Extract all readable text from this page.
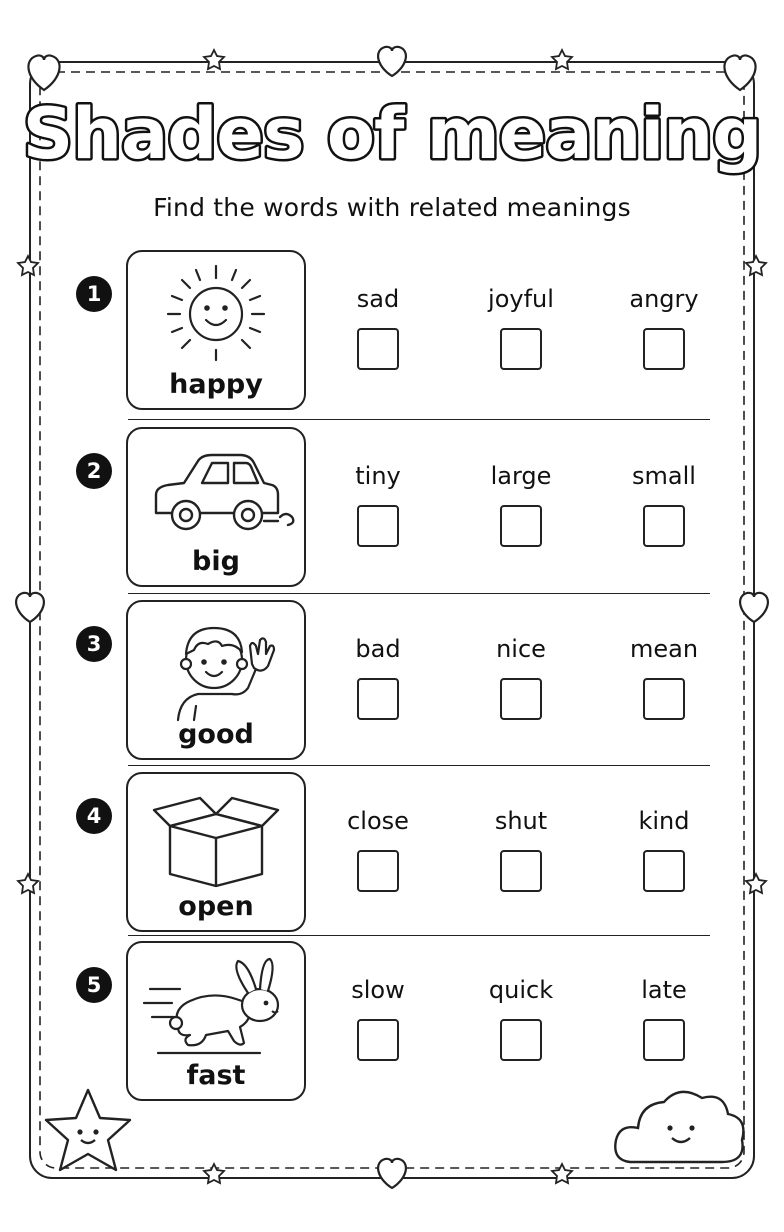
Shades of meaning
Find the words with related meanings
1
happy
sad	joyful	angry
2
big
tiny	large	small
3
good
bad	nice	mean
4
open
close	shut	kind
5
fast
slow	quick	late
